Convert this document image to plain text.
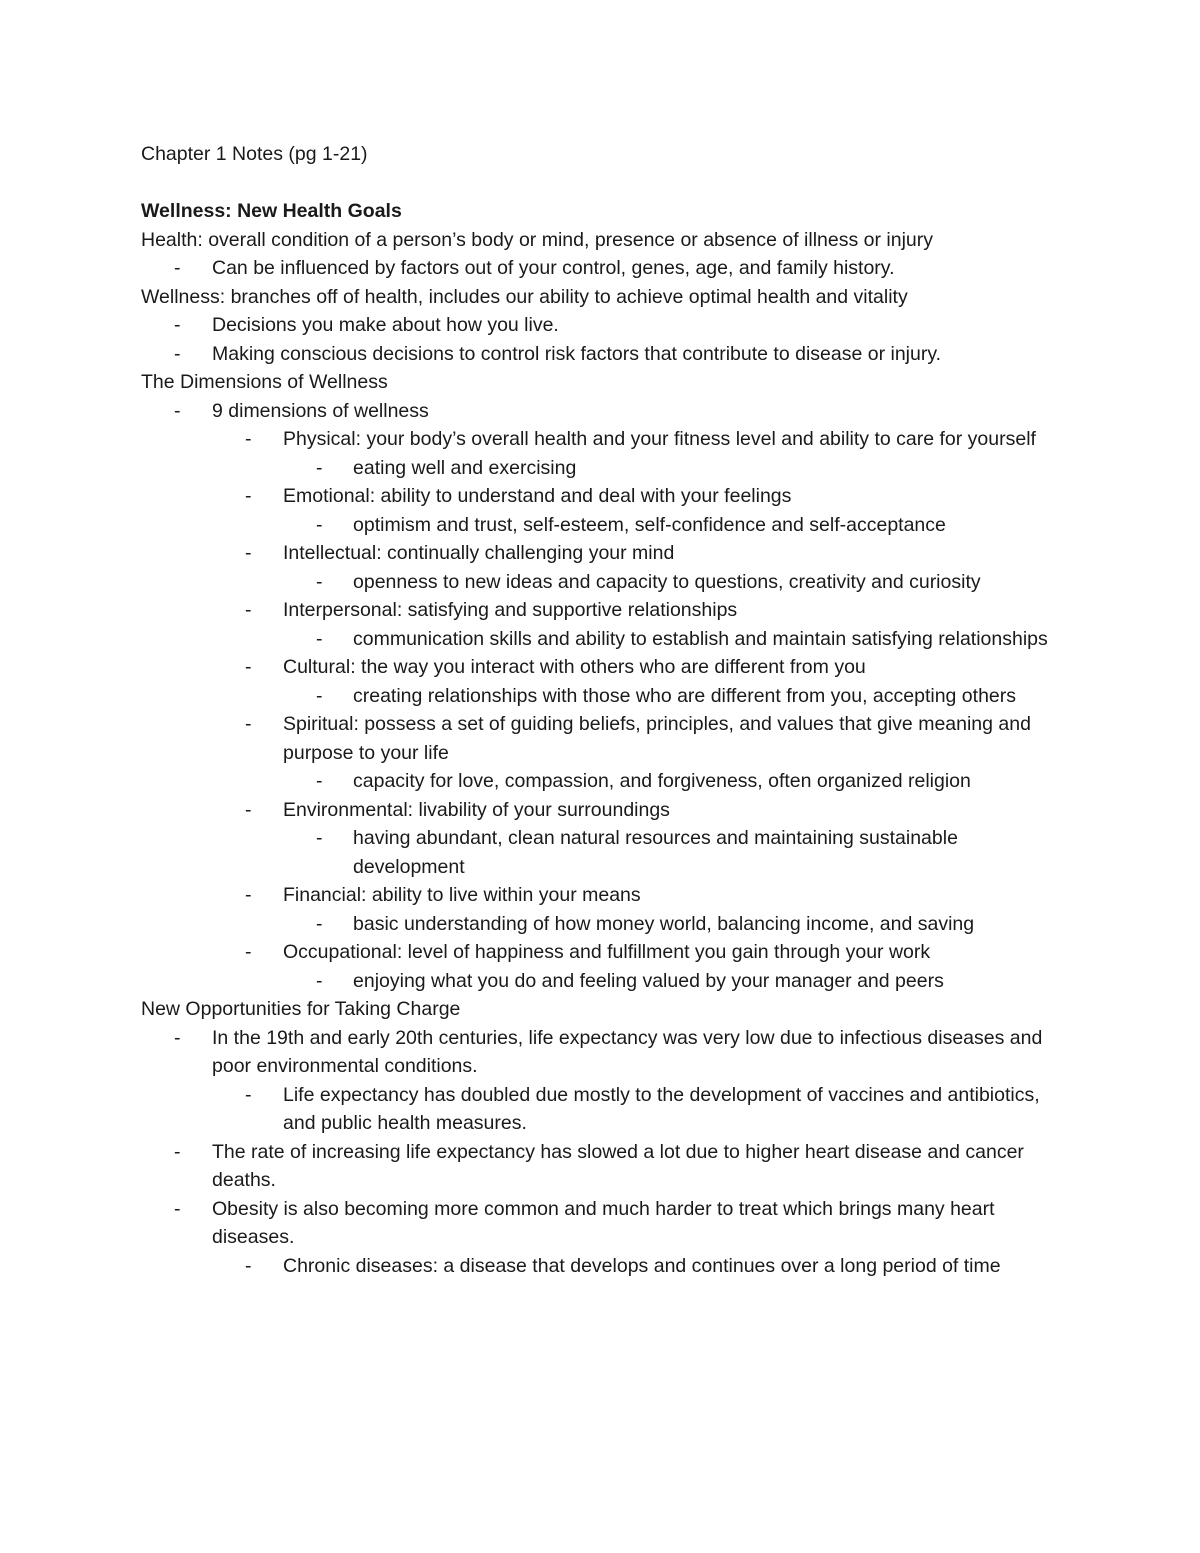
Chapter 1 Notes (pg 1-21)
Wellness: New Health Goals
Health: overall condition of a person’s body or mind, presence or absence of illness or injury
-	Can be influenced by factors out of your control, genes, age, and family history.
Wellness: branches off of health, includes our ability to achieve optimal health and vitality
-	Decisions you make about how you live.
-	Making conscious decisions to control risk factors that contribute to disease or injury.
The Dimensions of Wellness
-	9 dimensions of wellness
-	Physical: your body’s overall health and your fitness level and ability to care for yourself
-	eating well and exercising
-	Emotional: ability to understand and deal with your feelings
-	optimism and trust, self-esteem, self-confidence and self-acceptance
-	Intellectual: continually challenging your mind
-	openness to new ideas and capacity to questions, creativity and curiosity
-	Interpersonal: satisfying and supportive relationships
-	communication skills and ability to establish and maintain satisfying relationships
-	Cultural: the way you interact with others who are different from you
-	creating relationships with those who are different from you, accepting others
-	Spiritual: possess a set of guiding beliefs, principles, and values that give meaning and purpose to your life
-	capacity for love, compassion, and forgiveness, often organized religion
-	Environmental: livability of your surroundings
-	having abundant, clean natural resources and maintaining sustainable development
-	Financial: ability to live within your means
-	basic understanding of how money world, balancing income, and saving
-	Occupational: level of happiness and fulfillment you gain through your work
-	enjoying what you do and feeling valued by your manager and peers
New Opportunities for Taking Charge
-	In the 19th and early 20th centuries, life expectancy was very low due to infectious diseases and poor environmental conditions.
-	Life expectancy has doubled due mostly to the development of vaccines and antibiotics, and public health measures.
-	The rate of increasing life expectancy has slowed a lot due to higher heart disease and cancer deaths.
-	Obesity is also becoming more common and much harder to treat which brings many heart diseases.
-	Chronic diseases: a disease that develops and continues over a long period of time
